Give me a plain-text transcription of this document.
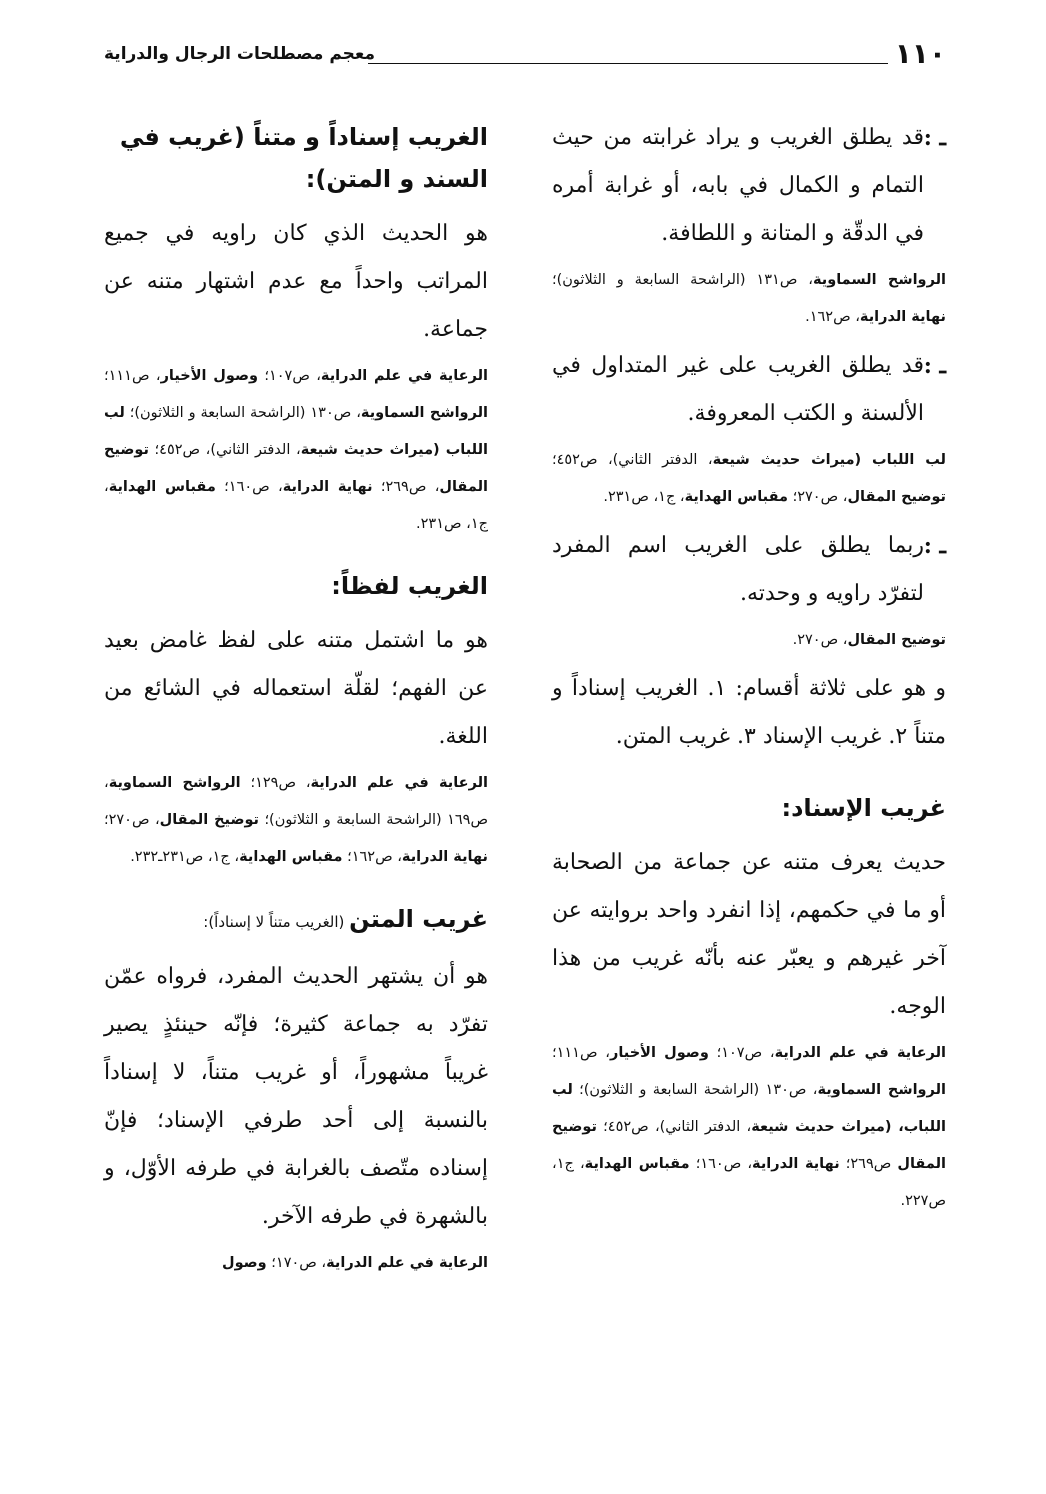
١١٠
معجم مصطلحات الرجال والدراية

ـ :
قد يطلق الغريب و يراد غرابته من حيث التمام و الكمال في بابه، أو غرابة أمره في الدقّة و المتانة و اللطافة.

الرواشح السماوية، ص١٣١ (الراشحة السابعة و الثلاثون)؛ نهاية الدراية، ص١٦٢.

ـ :
قد يطلق الغريب على غير المتداول في الألسنة و الكتب المعروفة.

لب اللباب (ميراث حديث شيعة، الدفتر الثاني)، ص٤٥٢؛ توضيح المقال، ص٢٧٠؛ مقباس الهداية، ج١، ص٢٣١.

ـ :
ربما يطلق على الغريب اسم المفرد لتفرّد راويه و وحدته.

توضيح المقال، ص٢٧٠.

و هو على ثلاثة أقسام: ١. الغريب إسناداً و متناً ٢. غريب الإسناد ٣. غريب المتن.

غريب الإسناد:

حديث يعرف متنه عن جماعة من الصحابة أو ما في حكمهم، إذا انفرد واحد بروايته عن آخر غيرهم و يعبّر عنه بأنّه غريب من هذا الوجه.

الرعاية في علم الدراية، ص١٠٧؛ وصول الأخيار، ص١١١؛ الرواشح السماوية، ص١٣٠ (الراشحة السابعة و الثلاثون)؛ لب اللباب، (ميراث حديث شيعة، الدفتر الثاني)، ص٤٥٢؛ توضيح المقال ص٢٦٩؛ نهاية الدراية، ص١٦٠؛ مقباس الهداية، ج١، ص٢٢٧.

الغريب إسناداً و متناً (غريب في السند و المتن):

هو الحديث الذي كان راويه في جميع المراتب واحداً مع عدم اشتهار متنه عن جماعة.

الرعاية في علم الدراية، ص١٠٧؛ وصول الأخيار، ص١١١؛ الرواشح السماوية، ص١٣٠ (الراشحة السابعة و الثلاثون)؛ لب اللباب (ميراث حديث شيعة، الدفتر الثاني)، ص٤٥٢؛ توضيح المقال، ص٢٦٩؛ نهاية الدراية، ص١٦٠؛ مقباس الهداية، ج١، ص٢٣١.

الغريب لفظاً:

هو ما اشتمل متنه على لفظ غامض بعيد عن الفهم؛ لقلّة استعماله في الشائع من اللغة.

الرعاية في علم الدراية، ص١٢٩؛ الرواشح السماوية، ص١٦٩ (الراشحة السابعة و الثلاثون)؛ توضيخ المقال، ص٢٧٠؛ نهاية الدراية، ص١٦٢؛ مقباس الهداية، ج١، ص٢٣١ـ٢٣٢.

غريب المتن (الغريب متناً لا إسناداً):

هو أن يشتهر الحديث المفرد، فرواه عمّن تفرّد به جماعة كثيرة؛ فإنّه حينئذٍ يصير غريباً مشهوراً، أو غريب متناً، لا إسناداً بالنسبة إلى أحد طرفي الإسناد؛ فإنّ إسناده متّصف بالغرابة في طرفه الأوّل، و بالشهرة في طرفه الآخر.

الرعاية في علم الدراية، ص١٧٠؛ وصول
